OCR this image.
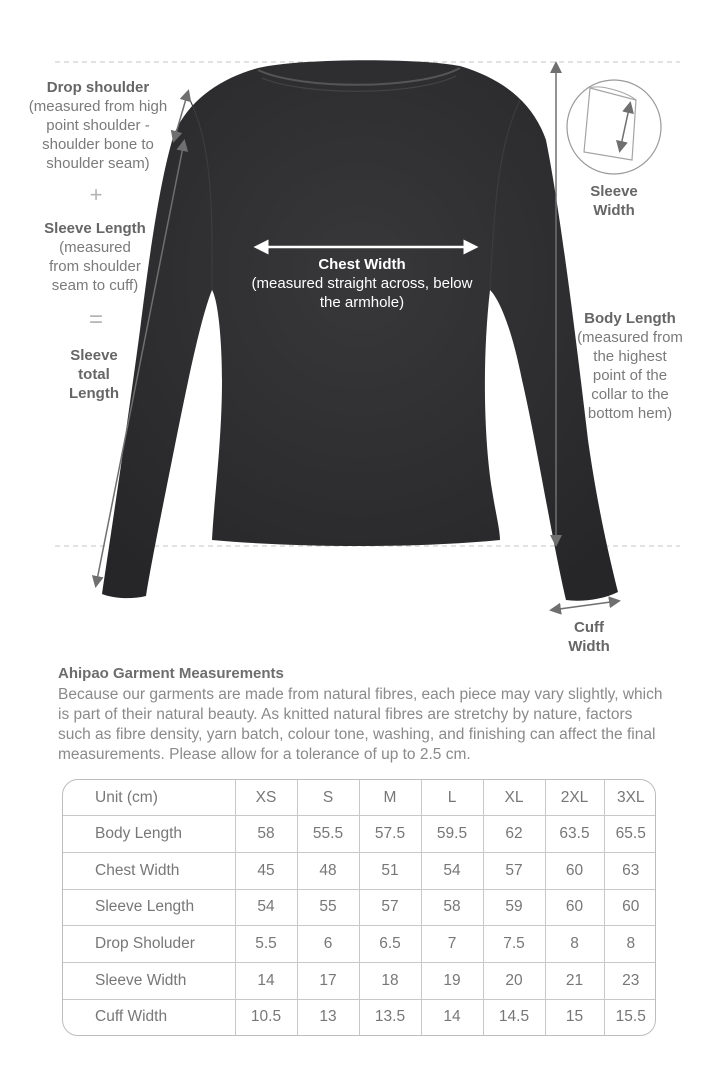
+
=
Drop shoulder
(measured from high
point shoulder -
shoulder bone to
shoulder seam)
Sleeve Length
(measured
from shoulder
seam to cuff)
Sleeve
total
Length
Chest Width
(measured straight across, below
the armhole)
Sleeve
Width
Body Length
(measured from
the highest
point of the
collar to the
bottom hem)
Cuff
Width
Ahipao Garment Measurements
Because our garments are made from natural fibres, each piece may vary slightly, which is part of their natural beauty. As knitted natural fibres are stretchy by nature, factors such as fibre density, yarn batch, colour tone, washing, and finishing can affect the final measurements. Please allow for a tolerance of up to 2.5 cm.
Unit (cm)	XS	S	M	L	XL	2XL	3XL
Body Length	58	55.5	57.5	59.5	62	63.5	65.5
Chest Width	45	48	51	54	57	60	63
Sleeve Length	54	55	57	58	59	60	60
Drop Sholuder	5.5	6	6.5	7	7.5	8	8
Sleeve Width	14	17	18	19	20	21	23
Cuff Width	10.5	13	13.5	14	14.5	15	15.5
